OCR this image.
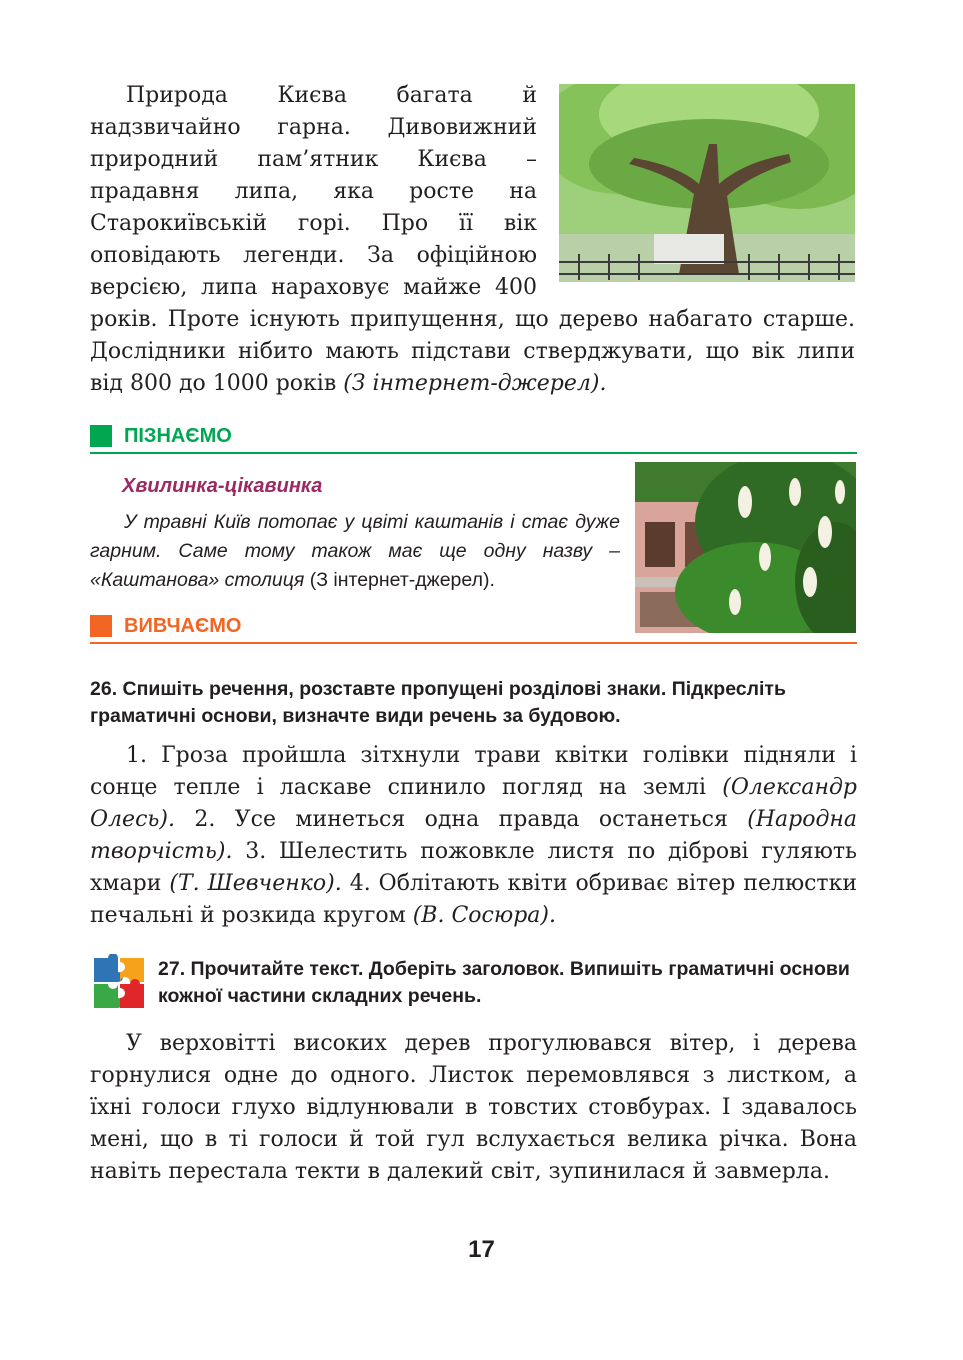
Природа Києва багата й надзвичайно гарна. Дивовижний природний пам’ятник Києва – прадавня липа, яка росте на Старокиївській горі. Про її вік оповідають легенди. За офіційною версією, липа нараховує майже 400 років. Проте існують припущення, що дерево набагато старше. Дослідники нібито мають підстави стверджувати, що вік липи від 800 до 1000 років (З інтернет-джерел).

ПІЗНАЄМО
Хвилинка-цікавинка

У травні Київ потопає у цвіті каштанів і стає дуже гарним. Саме тому також має ще одну назву – «Каштанова» столиця (З інтернет-джерел).

ВИВЧАЄМО
26. Спишіть речення, розставте пропущені розділові знаки. Підкресліть граматичні основи, визначте види речень за будовою.

1. Гроза пройшла зітхнули трави квітки голівки підняли і сонце тепле і ласкаве спинило погляд на землі (Олександр Олесь). 2. Усе минеться одна правда останеться (Народна творчість). 3. Шелестить пожовкле листя по діброві гуляють хмари (Т. Шевченко). 4. Облітають квіти обриває вітер пелюстки печальні й розкида кругом (В. Сосюра).

27. Прочитайте текст. Доберіть заголовок. Випишіть граматичні основи кожної частини складних речень.

У верховітті високих дерев прогулювався вітер, і дерева горнулися одне до одного. Листок перемовлявся з листком, а їхні голоси глухо відлунювали в товстих стовбурах. І здавалось мені, що в ті голоси й той гул вслухається велика річка. Вона навіть перестала текти в далекий світ, зупинилася й завмерла.

17
